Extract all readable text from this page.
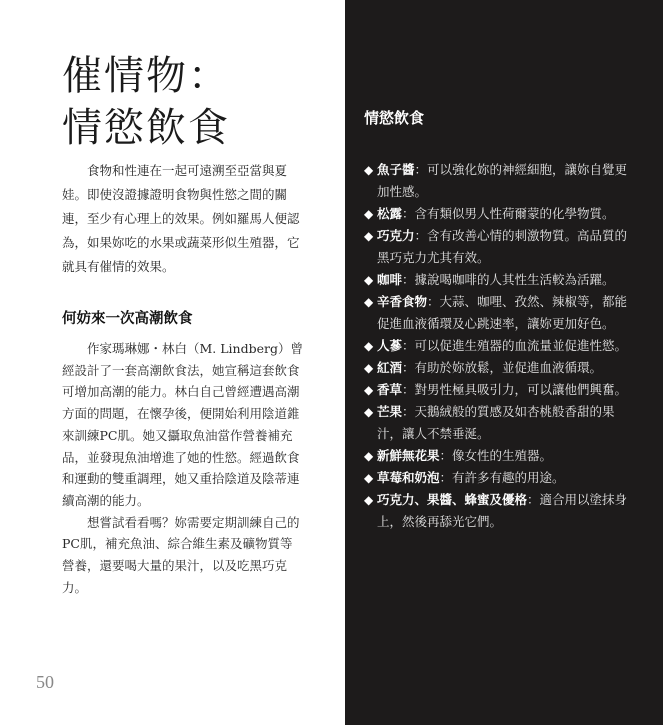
催情物：
情慾飲食

食物和性連在一起可遠溯至亞當與夏娃。即使沒證據證明食物與性慾之間的關連，至少有心理上的效果。例如羅馬人便認為，如果妳吃的水果或蔬菜形似生殖器，它就具有催情的效果。

何妨來一次高潮飲食

作家瑪琳娜・林白（M. Lindberg）曾經設計了一套高潮飲食法，她宣稱這套飲食可增加高潮的能力。林白自己曾經遭遇高潮方面的問題，在懷孕後，便開始利用陰道錐來訓練PC肌。她又攝取魚油當作營養補充品，並發現魚油增進了她的性慾。經過飲食和運動的雙重調理，她又重拾陰道及陰蒂連續高潮的能力。

想嘗試看看嗎？妳需要定期訓練自己的PC肌，補充魚油、綜合維生素及礦物質等營養，還要喝大量的果汁，以及吃黑巧克力。

50
情慾飲食
◆ 魚子醬：可以強化妳的神經細胞，讓妳自覺更加性感。
◆ 松露：含有類似男人性荷爾蒙的化學物質。
◆ 巧克力：含有改善心情的刺激物質。高品質的黑巧克力尤其有效。
◆ 咖啡：據說喝咖啡的人其性生活較為活躍。
◆ 辛香食物：大蒜、咖哩、孜然、辣椒等，都能促進血液循環及心跳速率，讓妳更加好色。
◆ 人蔘：可以促進生殖器的血流量並促進性慾。
◆ 紅酒：有助於妳放鬆，並促進血液循環。
◆ 香草：對男性極具吸引力，可以讓他們興奮。
◆ 芒果：天鵝絨般的質感及如杏桃般香甜的果汁，讓人不禁垂涎。
◆ 新鮮無花果：像女性的生殖器。
◆ 草莓和奶泡：有許多有趣的用途。
◆ 巧克力、果醬、蜂蜜及優格：適合用以塗抹身上，然後再舔光它們。
